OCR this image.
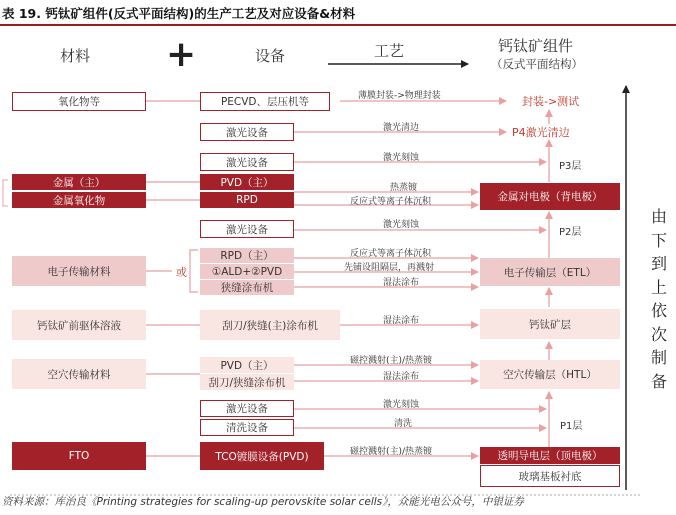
表 19. 钙钛矿组件(反式平面结构)的生产工艺及对应设备&材料
材料 +	设备	工艺	钙钛矿组件
（反式平面结构）
氧化物等
金属（主）
金属氧化物
电子传输材料
钙钛矿前驱体溶液
空穴传输材料
FTO
PECVD、层压机等
激光设备
激光设备
PVD（主）
RPD
激光设备
RPD（主）
①ALD+②PVD
狭缝涂布机
刮刀/狭缝(主)涂布机
PVD（主）
刮刀/狭缝涂布机
激光设备
清洗设备
TCO镀膜设备(PVD)
或
薄膜封装->物理封装
激光清边
激光刻蚀
热蒸镀
反应式等离子体沉积
激光刻蚀
反应式等离子体沉积
先铺设阻隔层，再溅射
湿法涂布
湿法涂布
磁控溅射(主)/热蒸镀
湿法涂布
激光刻蚀
清洗
磁控溅射(主)/热蒸镀
封装->测试
P4激光清边
P3层
金属对电极（背电极）
P2层
电子传输层（ETL）
钙钛矿层
空穴传输层（HTL）
P1层
透明导电层（顶电极）
玻璃基板衬底
由
下
到
上
依
次
制
备
资料来源：库治良《Printing strategies for scaling-up perovskite solar cells》，众能光电公众号，中银证券
